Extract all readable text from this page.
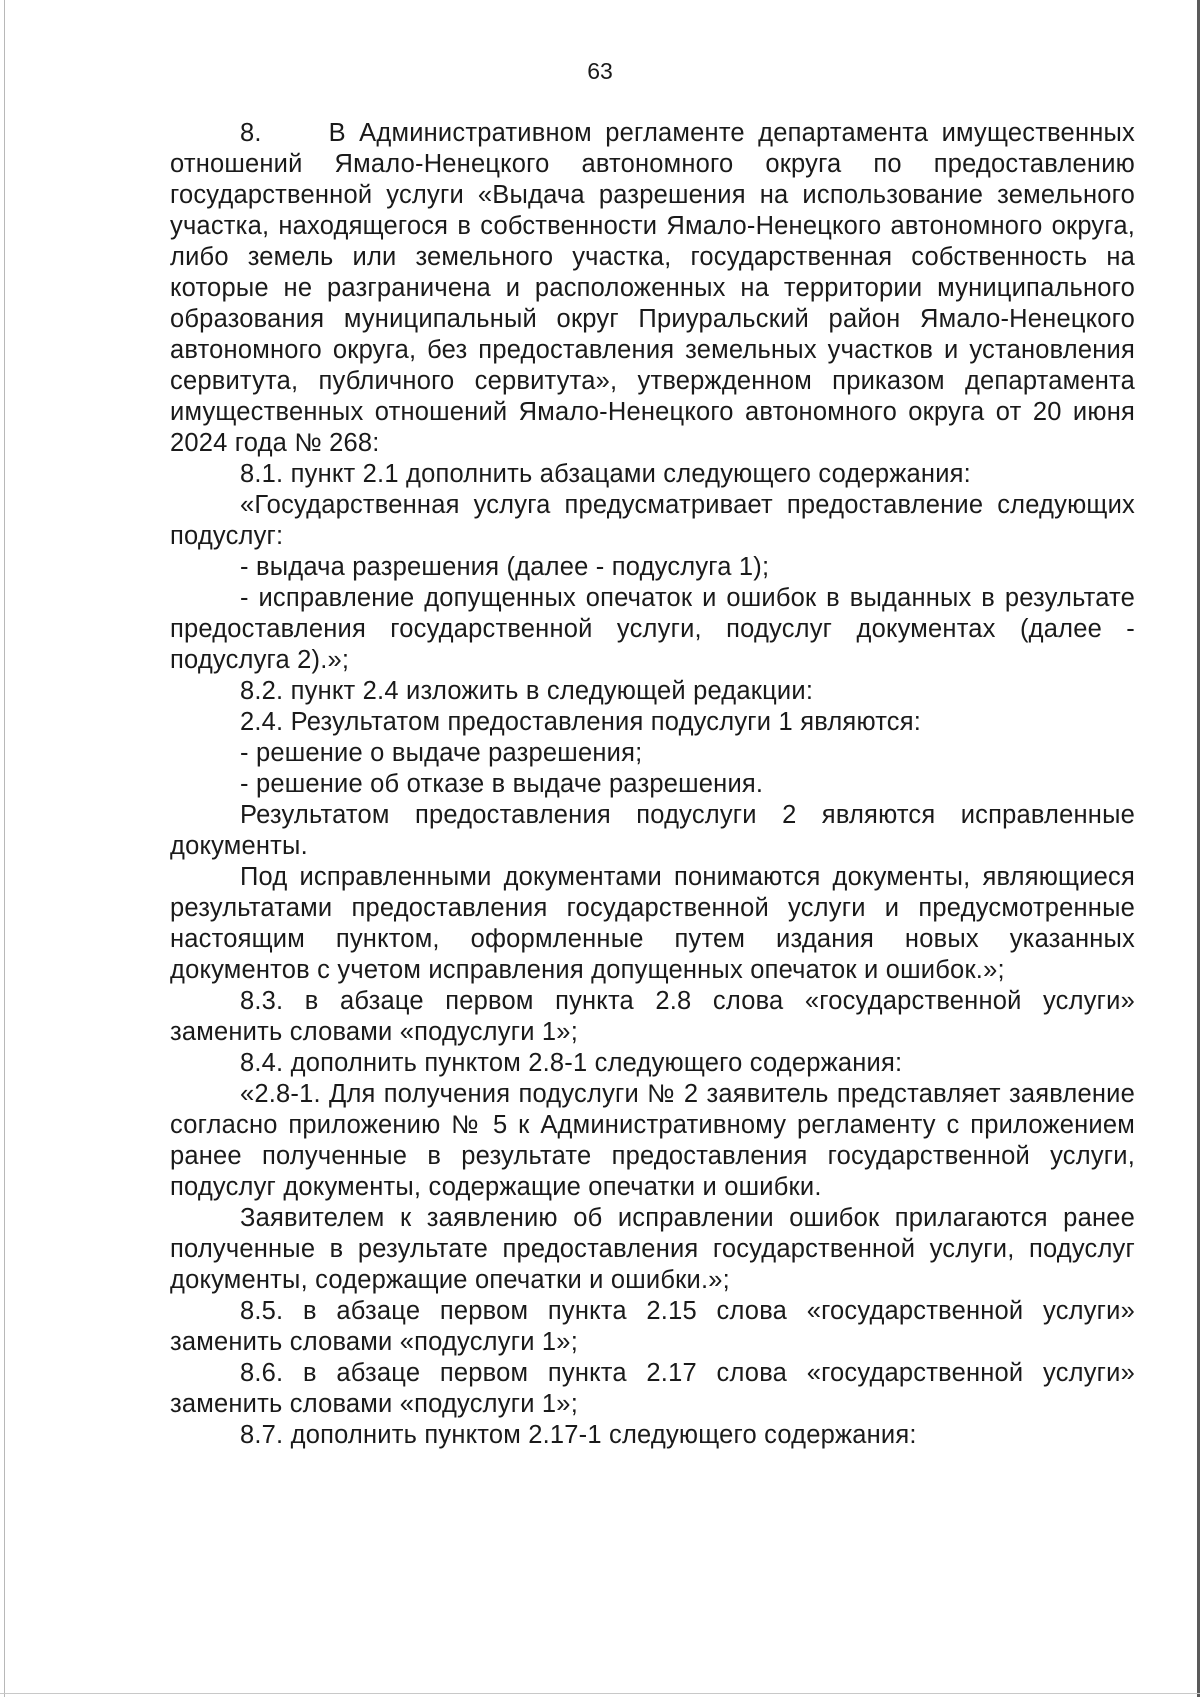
63

8.     В Административном регламенте департамента имущественных отношений Ямало-Ненецкого автономного округа по предоставлению государственной услуги «Выдача разрешения на использование земельного участка, находящегося в собственности Ямало-Ненецкого автономного округа, либо земель или земельного участка, государственная собственность на которые не разграничена и расположенных на территории муниципального образования муниципальный округ Приуральский район Ямало-Ненецкого автономного округа, без предоставления земельных участков и установления сервитута, публичного сервитута», утвержденном приказом департамента имущественных отношений Ямало-Ненецкого автономного округа от 20 июня 2024 года № 268:

8.1. пункт 2.1 дополнить абзацами следующего содержания:

«Государственная услуга предусматривает предоставление следующих подуслуг:

- выдача разрешения (далее - подуслуга 1);

- исправление допущенных опечаток и ошибок в выданных в результате предоставления государственной услуги, подуслуг документах (далее - подуслуга 2).»;

8.2. пункт 2.4 изложить в следующей редакции:

2.4. Результатом предоставления подуслуги 1 являются:

- решение о выдаче разрешения;

- решение об отказе в выдаче разрешения.

Результатом предоставления подуслуги 2 являются исправленные документы.

Под исправленными документами понимаются документы, являющиеся результатами предоставления государственной услуги и предусмотренные настоящим пунктом, оформленные путем издания новых указанных документов с учетом исправления допущенных опечаток и ошибок.»;

8.3. в абзаце первом пункта 2.8 слова «государственной услуги» заменить словами «подуслуги 1»;

8.4. дополнить пунктом 2.8-1 следующего содержания:

«2.8-1. Для получения подуслуги № 2 заявитель представляет заявление согласно приложению № 5 к Административному регламенту с приложением ранее полученные в результате предоставления государственной услуги, подуслуг документы, содержащие опечатки и ошибки.

Заявителем к заявлению об исправлении ошибок прилагаются ранее полученные в результате предоставления государственной услуги, подуслуг документы, содержащие опечатки и ошибки.»;

8.5. в абзаце первом пункта 2.15 слова «государственной услуги» заменить словами «подуслуги 1»;

8.6. в абзаце первом пункта 2.17 слова «государственной услуги» заменить словами «подуслуги 1»;

8.7. дополнить пунктом 2.17-1 следующего содержания:
